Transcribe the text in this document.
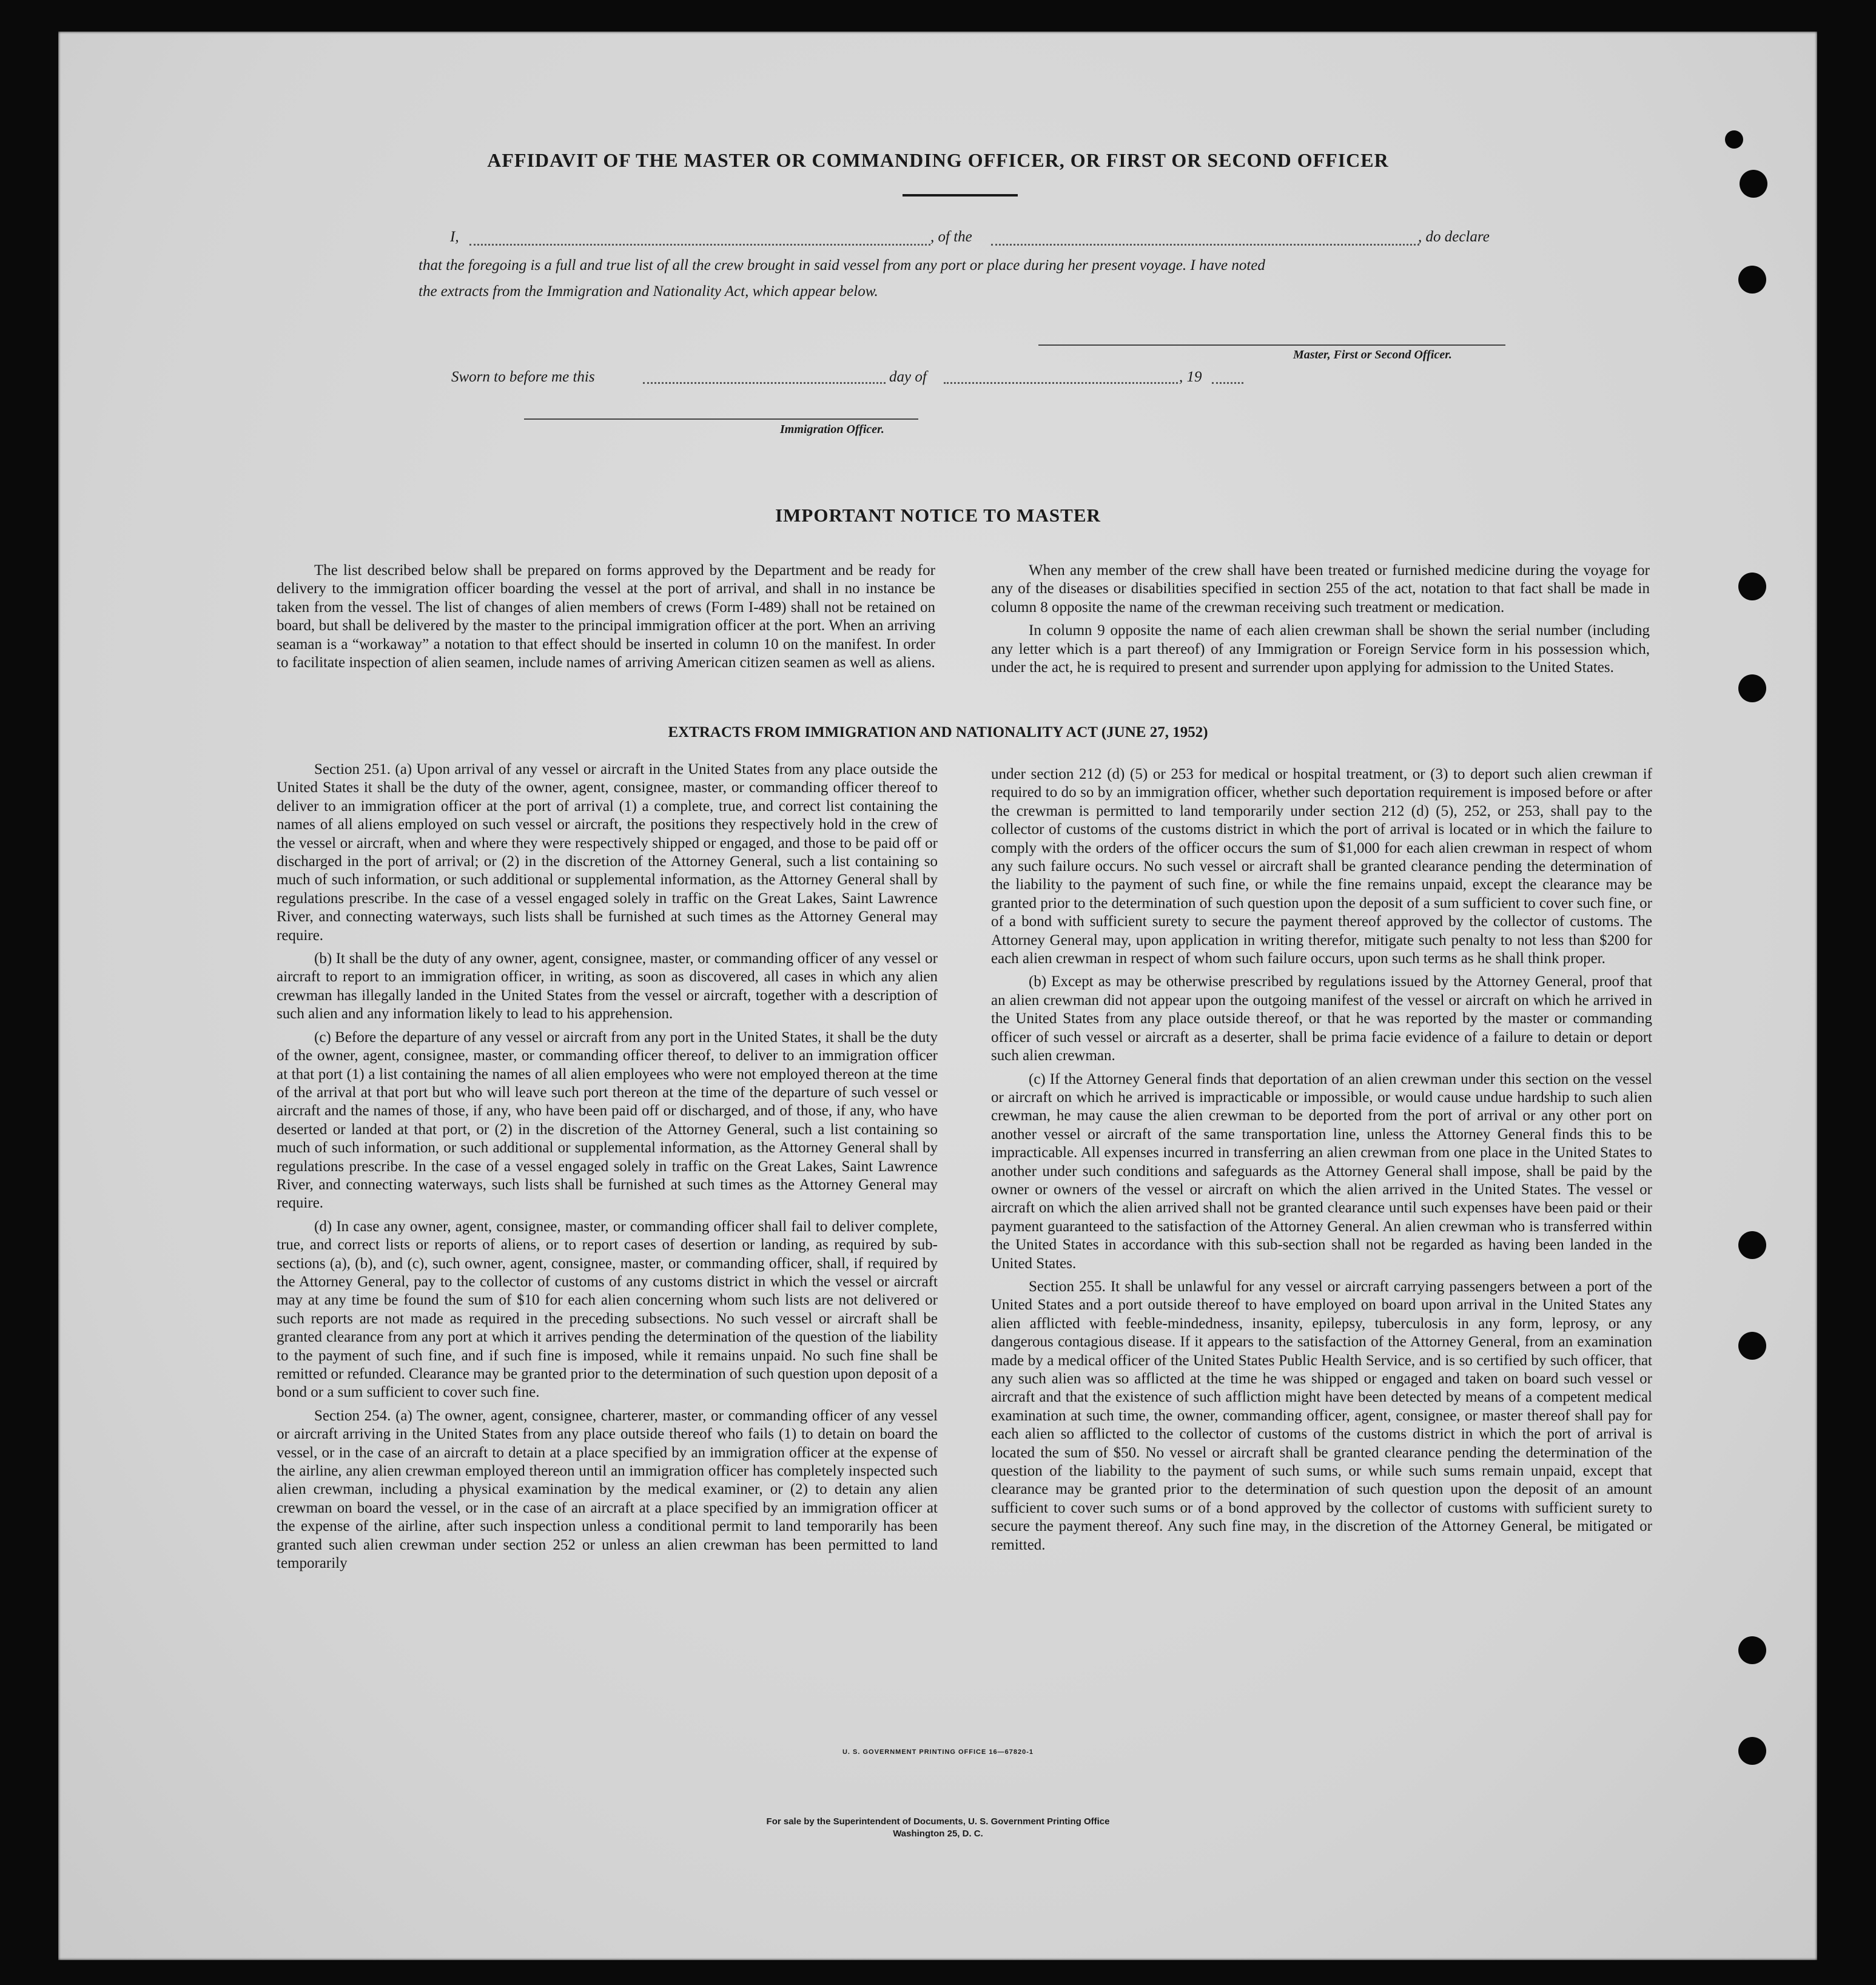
AFFIDAVIT OF THE MASTER OR COMMANDING OFFICER, OR FIRST OR SECOND OFFICER
I,	, of the	, do declare
that the foregoing is a full and true list of all the crew brought in said vessel from any port or place during her present voyage. I have noted
the extracts from the Immigration and Nationality Act, which appear below.
Master, First or Second Officer.
Sworn to before me this	day of	, 19
Immigration Officer.
IMPORTANT NOTICE TO MASTER

The list described below shall be prepared on forms approved by the Department and be ready for delivery to the immigration officer boarding the vessel at the port of arrival, and shall in no instance be taken from the vessel. The list of changes of alien members of crews (Form I-489) shall not be retained on board, but shall be delivered by the master to the principal immigration officer at the port. When an arriving seaman is a “workaway” a notation to that effect should be inserted in column 10 on the manifest. In order to facilitate inspection of alien seamen, include names of arriving American citizen seamen as well as aliens.

When any member of the crew shall have been treated or furnished medicine during the voyage for any of the diseases or disabilities specified in section 255 of the act, notation to that fact shall be made in column 8 opposite the name of the crewman receiving such treatment or medication.

In column 9 opposite the name of each alien crewman shall be shown the serial number (including any letter which is a part thereof) of any Immigration or Foreign Service form in his possession which, under the act, he is required to present and surrender upon applying for admission to the United States.

EXTRACTS FROM IMMIGRATION AND NATIONALITY ACT (JUNE 27, 1952)

Section 251. (a) Upon arrival of any vessel or aircraft in the United States from any place outside the United States it shall be the duty of the owner, agent, consignee, master, or commanding officer thereof to deliver to an immigration officer at the port of arrival (1) a complete, true, and correct list containing the names of all aliens employed on such vessel or aircraft, the positions they respectively hold in the crew of the vessel or aircraft, when and where they were respectively shipped or engaged, and those to be paid off or discharged in the port of arrival; or (2) in the discretion of the Attorney General, such a list containing so much of such information, or such additional or supplemental information, as the Attorney General shall by regulations prescribe. In the case of a vessel engaged solely in traffic on the Great Lakes, Saint Lawrence River, and connecting waterways, such lists shall be furnished at such times as the Attorney General may require.

(b) It shall be the duty of any owner, agent, consignee, master, or commanding officer of any vessel or aircraft to report to an immigration officer, in writing, as soon as discovered, all cases in which any alien crewman has illegally landed in the United States from the vessel or aircraft, together with a description of such alien and any information likely to lead to his apprehension.

(c) Before the departure of any vessel or aircraft from any port in the United States, it shall be the duty of the owner, agent, consignee, master, or commanding officer thereof, to deliver to an immigration officer at that port (1) a list containing the names of all alien employees who were not employed thereon at the time of the arrival at that port but who will leave such port thereon at the time of the departure of such vessel or aircraft and the names of those, if any, who have been paid off or discharged, and of those, if any, who have deserted or landed at that port, or (2) in the discretion of the Attorney General, such a list containing so much of such information, or such additional or supplemental information, as the Attorney General shall by regulations prescribe. In the case of a vessel engaged solely in traffic on the Great Lakes, Saint Lawrence River, and connecting waterways, such lists shall be furnished at such times as the Attorney General may require.

(d) In case any owner, agent, consignee, master, or commanding officer shall fail to deliver complete, true, and correct lists or reports of aliens, or to report cases of desertion or landing, as required by sub-sections (a), (b), and (c), such owner, agent, consignee, master, or commanding officer, shall, if required by the Attorney General, pay to the collector of customs of any customs district in which the vessel or aircraft may at any time be found the sum of $10 for each alien concerning whom such lists are not delivered or such reports are not made as required in the preceding subsections. No such vessel or aircraft shall be granted clearance from any port at which it arrives pending the determination of the question of the liability to the payment of such fine, and if such fine is imposed, while it remains unpaid. No such fine shall be remitted or refunded. Clearance may be granted prior to the determination of such question upon deposit of a bond or a sum sufficient to cover such fine.

Section 254. (a) The owner, agent, consignee, charterer, master, or commanding officer of any vessel or aircraft arriving in the United States from any place outside thereof who fails (1) to detain on board the vessel, or in the case of an aircraft to detain at a place specified by an immigration officer at the expense of the airline, any alien crewman employed thereon until an immigration officer has completely inspected such alien crewman, including a physical examination by the medical examiner, or (2) to detain any alien crewman on board the vessel, or in the case of an aircraft at a place specified by an immigration officer at the expense of the airline, after such inspection unless a conditional permit to land temporarily has been granted such alien crewman under section 252 or unless an alien crewman has been permitted to land temporarily

under section 212 (d) (5) or 253 for medical or hospital treatment, or (3) to deport such alien crewman if required to do so by an immigration officer, whether such deportation requirement is imposed before or after the crewman is permitted to land temporarily under section 212 (d) (5), 252, or 253, shall pay to the collector of customs of the customs district in which the port of arrival is located or in which the failure to comply with the orders of the officer occurs the sum of $1,000 for each alien crewman in respect of whom any such failure occurs. No such vessel or aircraft shall be granted clearance pending the determination of the liability to the payment of such fine, or while the fine remains unpaid, except the clearance may be granted prior to the determination of such question upon the deposit of a sum sufficient to cover such fine, or of a bond with sufficient surety to secure the payment thereof approved by the collector of customs. The Attorney General may, upon application in writing therefor, mitigate such penalty to not less than $200 for each alien crewman in respect of whom such failure occurs, upon such terms as he shall think proper.

(b) Except as may be otherwise prescribed by regulations issued by the Attorney General, proof that an alien crewman did not appear upon the outgoing manifest of the vessel or aircraft on which he arrived in the United States from any place outside thereof, or that he was reported by the master or commanding officer of such vessel or aircraft as a deserter, shall be prima facie evidence of a failure to detain or deport such alien crewman.

(c) If the Attorney General finds that deportation of an alien crewman under this section on the vessel or aircraft on which he arrived is impracticable or impossible, or would cause undue hardship to such alien crewman, he may cause the alien crewman to be deported from the port of arrival or any other port on another vessel or aircraft of the same transportation line, unless the Attorney General finds this to be impracticable. All expenses incurred in transferring an alien crewman from one place in the United States to another under such conditions and safeguards as the Attorney General shall impose, shall be paid by the owner or owners of the vessel or aircraft on which the alien arrived in the United States. The vessel or aircraft on which the alien arrived shall not be granted clearance until such expenses have been paid or their payment guaranteed to the satisfaction of the Attorney General. An alien crewman who is transferred within the United States in accordance with this sub-section shall not be regarded as having been landed in the United States.

Section 255. It shall be unlawful for any vessel or aircraft carrying passengers between a port of the United States and a port outside thereof to have employed on board upon arrival in the United States any alien afflicted with feeble-mindedness, insanity, epilepsy, tuberculosis in any form, leprosy, or any dangerous contagious disease. If it appears to the satisfaction of the Attorney General, from an examination made by a medical officer of the United States Public Health Service, and is so certified by such officer, that any such alien was so afflicted at the time he was shipped or engaged and taken on board such vessel or aircraft and that the existence of such affliction might have been detected by means of a competent medical examination at such time, the owner, commanding officer, agent, consignee, or master thereof shall pay for each alien so afflicted to the collector of customs of the customs district in which the port of arrival is located the sum of $50. No vessel or aircraft shall be granted clearance pending the determination of the question of the liability to the payment of such sums, or while such sums remain unpaid, except that clearance may be granted prior to the determination of such question upon the deposit of an amount sufficient to cover such sums or of a bond approved by the collector of customs with sufficient surety to secure the payment thereof. Any such fine may, in the discretion of the Attorney General, be mitigated or remitted.

U. S. GOVERNMENT PRINTING OFFICE 16—67820-1
For sale by the Superintendent of Documents, U. S. Government Printing Office
Washington 25, D. C.
